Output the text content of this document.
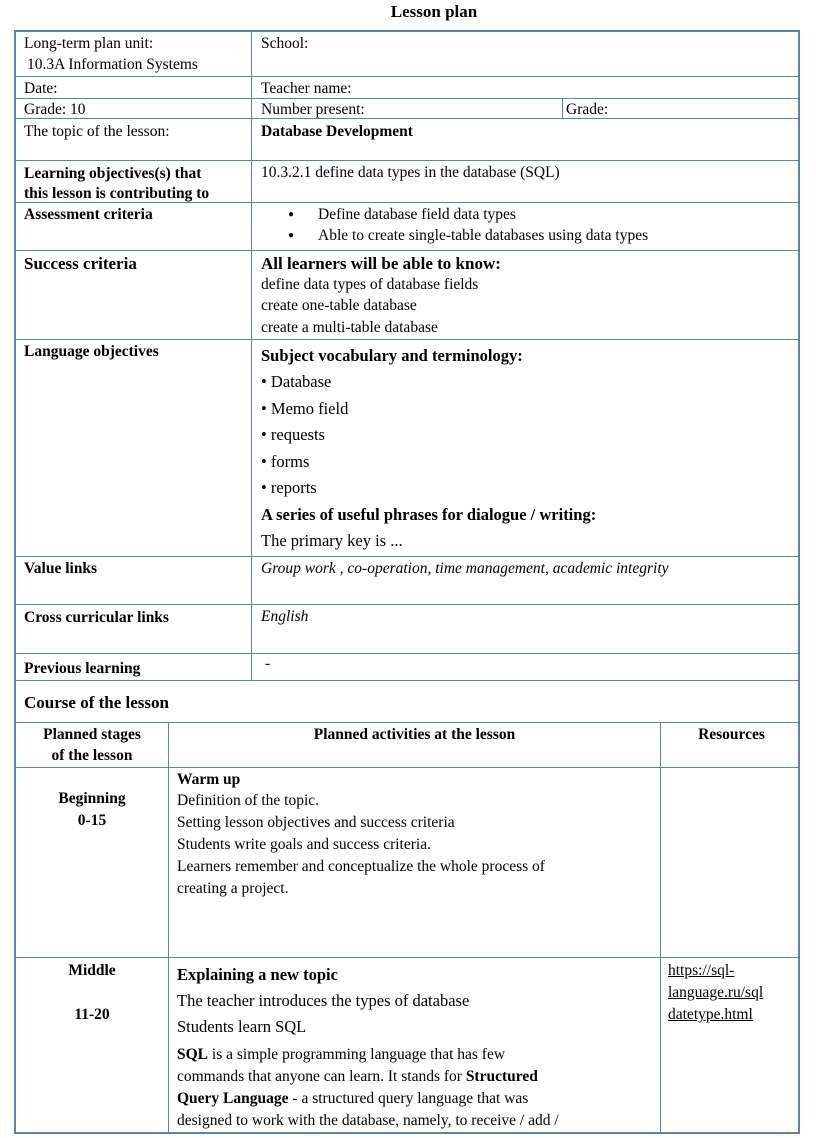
Lesson plan
Long-term plan unit:
10.3A Information Systems
School:
Date:	Teacher name:
Grade: 10	Number present:	Grade:
The topic of the lesson:	Database Development
Learning objectives(s) that
this lesson is contributing to
10.3.2.1 define data types in the database (SQL)
Assessment criteria
●	Define database field data types
● Able to create single-table databases using data types
Success criteria	All learners will be able to know:
define data types of database fields
create one-table database
create a multi-table database
Language objectives	Subject vocabulary and terminology:
• Database
• Memo field
• requests
• forms
• reports
A series of useful phrases for dialogue / writing:
The primary key is ...
Value links	Group work , co-operation, time management, academic integrity
Cross curricular links	English
Previous learning	-
Course of the lesson
Planned stages
of the lesson
Planned activities at the lesson	Resources
Beginning
0-15
Warm up
Definition of the topic.
Setting lesson objectives and success criteria
Students write goals and success criteria.
Learners remember and conceptualize the whole process of
creating a project.
Middle
11-20
Explaining a new topic
The teacher introduces the types of database
Students learn SQL
SQL is a simple programming language that has few
commands that anyone can learn. It stands for Structured
Query Language - a structured query language that was
designed to work with the database, namely, to receive / add /
https://sql-
language.ru/sql
datetype.html
